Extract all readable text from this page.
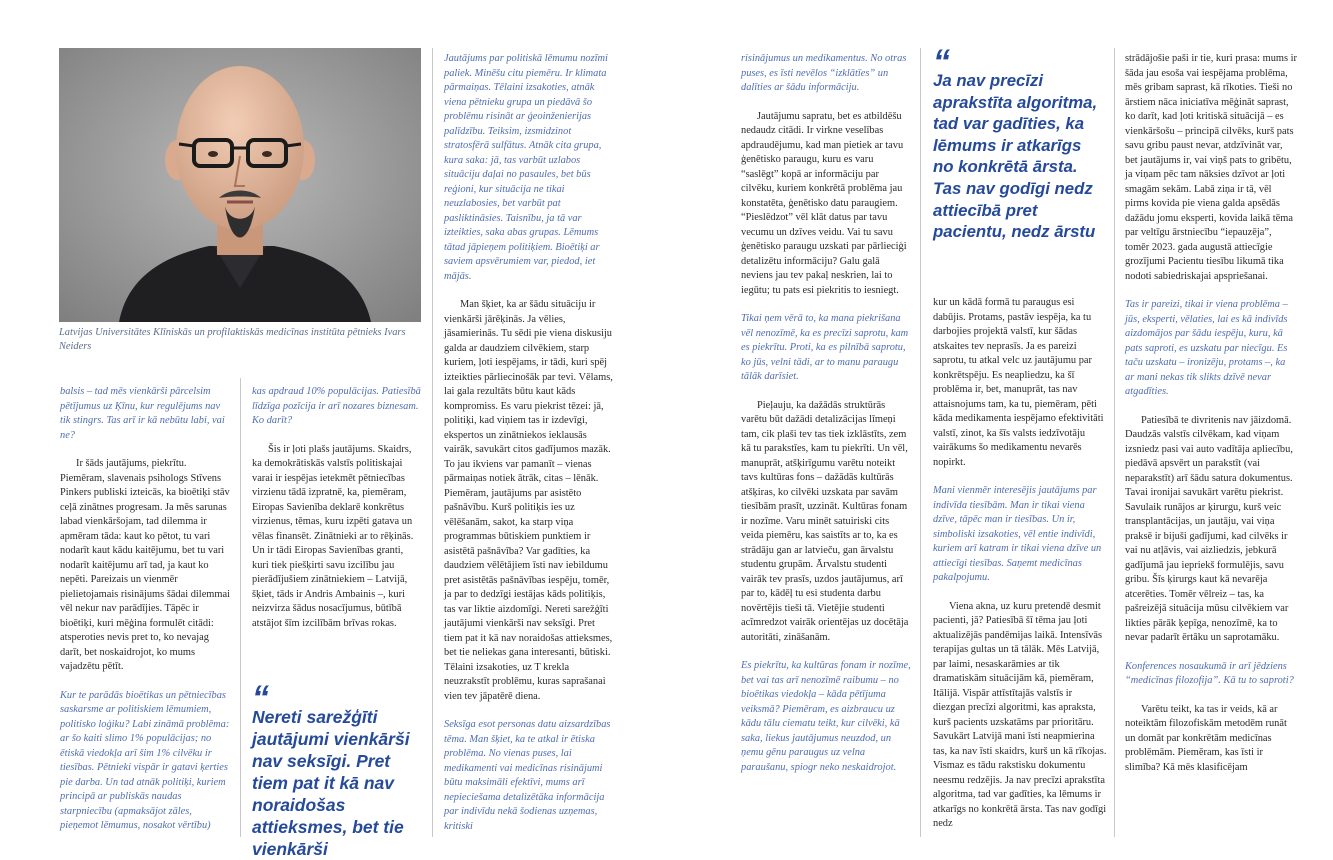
Latvijas Universitātes Klīniskās un profilaktiskās medicīnas institūta pētnieks Ivars Neiders

balsis – tad mēs vienkārši pārcelsim pētījumus uz Ķīnu, kur regulējums nav tik stingrs. Tas arī ir kā nebūtu labi, vai ne?

Ir šāds jautājums, piekrītu. Piemēram, slavenais psihologs Stīvens Pinkers publiski izteicās, ka bioētiķi stāv ceļā zinātnes progresam. Ja mēs sarunas labad vienkāršojam, tad dilemma ir apmēram tāda: kaut ko pētot, tu vari nodarīt kaut kādu kaitējumu, bet tu vari nodarīt kaitējumu arī tad, ja kaut ko nepēti. Pareizais un vienmēr pielietojamais risinājums šādai dilemmai vēl nekur nav parādījies. Tāpēc ir bioētiķi, kuri mēģina formulēt citādi: atsperoties nevis pret to, ko nevajag darīt, bet noskaidrojot, ko mums vajadzētu pētīt.

Kur te parādās bioētikas un pētniecības saskarsme ar politiskiem lēmumiem, politisko loģiku? Labi zināmā problēma: ar šo kaiti slimo 1% populācijas; no ētiskā viedokļa arī šim 1% cilvēku ir tiesības. Pētnieki vispār ir gatavi ķerties pie darba. Un tad atnāk politiķi, kuriem principā ar publiskās naudas starpniecību (apmaksājot zāles, pieņemot lēmumus, nosakot vērtību)

kas apdraud 10% populācijas. Patiesībā līdzīga pozīcija ir arī nozares biznesam. Ko darīt?

Šis ir ļoti plašs jautājums. Skaidrs, ka demokrātiskās valstīs politiskajai varai ir iespējas ietekmēt pētniecības virzienu tādā izpratnē, ka, piemēram, Eiropas Savienība deklarē konkrētus virzienus, tēmas, kuru izpēti gatava un vēlas finansēt. Zinātnieki ar to rēķinās. Un ir tādi Eiropas Savienības granti, kuri tiek piešķirti savu izcilību jau pierādījušiem zinātniekiem – Latvijā, šķiet, tāds ir Andris Ambainis –, kuri neizvirza šādus nosacījumus, būtībā atstājot šīm izcilībām brīvas rokas.

“
Nereti sarežģīti jautājumi vienkārši nav seksīgi. Pret tiem pat it kā nav noraidošas attieksmes, bet tie vienkārši

Jautājums par politiskā lēmumu nozīmi paliek. Minēšu citu piemēru. Ir klimata pārmaiņas. Tēlaini izsakoties, atnāk viena pētnieku grupa un piedāvā šo problēmu risināt ar ģeoinženierijas palīdzību. Teiksim, izsmidzinot stratosfērā sulfātus. Atnāk cita grupa, kura saka: jā, tas varbūt uzlabos situāciju daļai no pasaules, bet būs reģioni, kur situācija ne tikai neuzlabosies, bet varbūt pat pasliktināsies. Taisnību, ja tā var izteikties, saka abas grupas. Lēmums tātad jāpieņem politiķiem. Bioētiķi ar saviem apsvērumiem var, piedod, iet mājās.

Man šķiet, ka ar šādu situāciju ir vienkārši jārēķinās. Ja vēlies, jāsamierinās. Tu sēdi pie viena diskusiju galda ar daudziem cilvēkiem, starp kuriem, ļoti iespējams, ir tādi, kuri spēj izteikties pārliecinošāk par tevi. Vēlams, lai gala rezultāts būtu kaut kāds kompromiss. Es varu piekrist tēzei: jā, politiķi, kad viņiem tas ir izdevīgi, ekspertos un zinātniekos ieklausās vairāk, savukārt citos gadījumos mazāk. To jau ikviens var pamanīt – vienas pārmaiņas notiek ātrāk, citas – lēnāk. Piemēram, jautājums par asistēto pašnāvību. Kurš politiķis ies uz vēlēšanām, sakot, ka starp viņa programmas būtiskiem punktiem ir asistētā pašnāvība? Var gadīties, ka daudziem vēlētājiem īsti nav iebildumu pret asistētās pašnāvības iespēju, tomēr, ja par to dedzīgi iestājas kāds politiķis, tas var liktie aizdomīgi. Nereti sarežģīti jautājumi vienkārši nav seksīgi. Pret tiem pat it kā nav noraidošas attieksmes, bet tie neliekas gana interesanti, būtiski. Tēlaini izsakoties, uz T krekla neuzrakstīt problēmu, kuras saprašanai vien tev jāpatērē diena.

Seksīga esot personas datu aizsardzības tēma. Man šķiet, ka te atkal ir ētiska problēma. No vienas puses, lai medikamenti vai medicīnas risinājumi būtu maksimāli efektīvi, mums arī nepieciešama detalizētāka informācija par indivīdu nekā šodienas uzņemas, kritiski

risinājumus un medikamentus. No otras puses, es īsti nevēlos “izklātīes” un dalīties ar šādu informāciju.

Jautājumu sapratu, bet es atbildēšu nedaudz citādi. Ir virkne veselības apdraudējumu, kad man pietiek ar tavu ģenētisko paraugu, kuru es varu “saslēgt” kopā ar informāciju par cilvēku, kuriem konkrētā problēma jau konstatēta, ģenētisko datu paraugiem. “Pieslēdzot” vēl klāt datus par tavu vecumu un dzīves veidu. Vai tu savu ģenētisko paraugu uzskati par pārlieciģi detalizētu informāciju? Galu galā neviens jau tev pakaļ neskrien, lai to iegūtu; tu pats esi piekritis to iesniegt.

Tikai ņem vērā to, ka mana piekrišana vēl nenozīmē, ka es precīzi saprotu, kam es piekrītu. Proti, ka es pilnībā saprotu, ko jūs, velni tādi, ar to manu paraugu tālāk darīsiet.

Pieļauju, ka dažādās struktūrās varētu būt dažādi detalizācijas līmeņi tam, cik plaši tev tas tiek izklāstīts, zem kā tu parakstīes, kam tu piekrīti. Un vēl, manuprāt, atšķirīgumu varētu noteikt tavs kultūras fons – dažādās kultūrās atšķiras, ko cilvēki uzskata par savām tiesībām prasīt, uzzināt. Kultūras fonam ir nozīme. Varu minēt satuiriski cits veida piemēru, kas saistīts ar to, ka es strādāju gan ar latvieču, gan ārvalstu studentu grupām. Ārvalstu studenti vairāk tev prasīs, uzdos jautājumus, arī par to, kādēļ tu esi studenta darbu novērtējis tieši tā. Vietējie studenti acīmredzot vairāk orientējas uz docētāja autoritāti, zināšanām.

Es piekrītu, ka kultūras fonam ir nozīme, bet vai tas arī nenozīmē raibumu – no bioētikas viedokļa – kāda pētījuma veiksmā? Piemēram, es aizbraucu uz kādu tālu ciematu teikt, kur cilvēki, kā saka, liekus jautājumus neuzdod, un ņemu gēnu paraugus uz velna paraušanu, spiogr neko neskaidrojot.

“
Ja nav precīzi aprakstīta algoritma, tad var gadīties, ka lēmums ir atkarīgs no konkrētā ārsta. Tas nav godīgi nedz attiecībā pret pacientu, nedz ārstu

kur un kādā formā tu paraugus esi dabūjis. Protams, pastāv iespēja, ka tu darbojies projektā valstī, kur šādas atskaites tev neprasīs. Ja es pareizi saprotu, tu atkal velc uz jautājumu par konkrētspēju. Es neapliedzu, ka šī problēma ir, bet, manuprāt, tas nav attaisnojums tam, ka tu, piemēram, pēti kāda medikamenta iespējamo efektivitāti valstī, zinot, ka šīs valsts iedzīvotāju vairākums šo medikamentu nevarēs nopirkt.

Mani vienmēr interesējis jautājums par indivīda tiesībām. Man ir tikai viena dzīve, tāpēc man ir tiesības. Un ir, simboliski izsakoties, vēl entie indivīdi, kuriem arī katram ir tikai viena dzīve un attiecīgi tiesības. Saņemt medicīnas pakalpojumu.

Viena akna, uz kuru pretendē desmit pacienti, jā? Patiesībā šī tēma jau ļoti aktualizējās pandēmijas laikā. Intensīvās terapijas gultas un tā tālāk. Mēs Latvijā, par laimi, nesaskarāmies ar tik dramatiskām situācijām kā, piemēram, Itālijā. Vispār attīstītajās valstīs ir diezgan precīzi algoritmi, kas apraksta, kurš pacients uzskatāms par prioritāru. Savukārt Latvijā mani īsti neapmierina tas, ka nav īsti skaidrs, kurš un kā rīkojas. Vismaz es tādu rakstisku dokumentu neesmu redzējis. Ja nav precīzi aprakstīta algoritma, tad var gadīties, ka lēmums ir atkarīgs no konkrētā ārsta. Tas nav godīgi nedz

strādājošie paši ir tie, kuri prasa: mums ir šāda jau esoša vai iespējama problēma, mēs gribam saprast, kā rīkoties. Tieši no ārstiem nāca iniciatīva mēģināt saprast, ko darīt, kad ļoti kritiskā situācijā – es vienkāršošu – principā cilvēks, kurš pats savu gribu paust nevar, atdzīvināt var, bet jautājums ir, vai viņš pats to gribētu, ja viņam pēc tam nāksies dzīvot ar ļoti smagām sekām. Labā ziņa ir tā, vēl pirms kovida pie viena galda apsēdās dažādu jomu eksperti, kovida laikā tēma par veltīgu ārstniecību “iepauzēja”, tomēr 2023. gada augustā attiecīgie grozījumi Pacientu tiesību likumā tika nodoti sabiedriskajai apspriešanai.

Tas ir pareizi, tikai ir viena problēma – jūs, eksperti, vēlaties, lai es kā indivīds aizdomājos par šādu iespēju, kuru, kā pats saproti, es uzskatu par niecīgu. Es taču uzskatu – ironizēju, protams –, ka ar mani nekas tik slikts dzīvē nevar atgadīties.

Patiesībā te divritenis nav jāizdomā. Daudzās valstīs cilvēkam, kad viņam izsniedz pasi vai auto vadītāja apliecību, piedāvā apsvērt un parakstīt (vai neparakstīt) arī šādu satura dokumentus. Tavai ironijai savukārt varētu piekrist. Savulaik runājos ar ķirurgu, kurš veic transplantācijas, un jautāju, vai viņa praksē ir bijuši gadījumi, kad cilvēks ir vai nu atļāvis, vai aizliedzis, jebkurā gadījumā jau iepriekš formulējis, savu gribu. Šīs ķirurgs kaut kā nevarēja atcerēties. Tomēr vēlreiz – tas, ka pašreizējā situācija mūsu cilvēkiem var likties pārāk ķepīga, nenozīmē, ka to nevar padarīt ērtāku un saprotamāku.

Konferences nosaukumā ir arī jēdziens “medicīnas filozofija”. Kā tu to saproti?

Varētu teikt, ka tas ir veids, kā ar noteiktām filozofiskām metodēm runāt un domāt par konkrētām medicīnas problēmām. Piemēram, kas īsti ir slimība? Kā mēs klasificējam
